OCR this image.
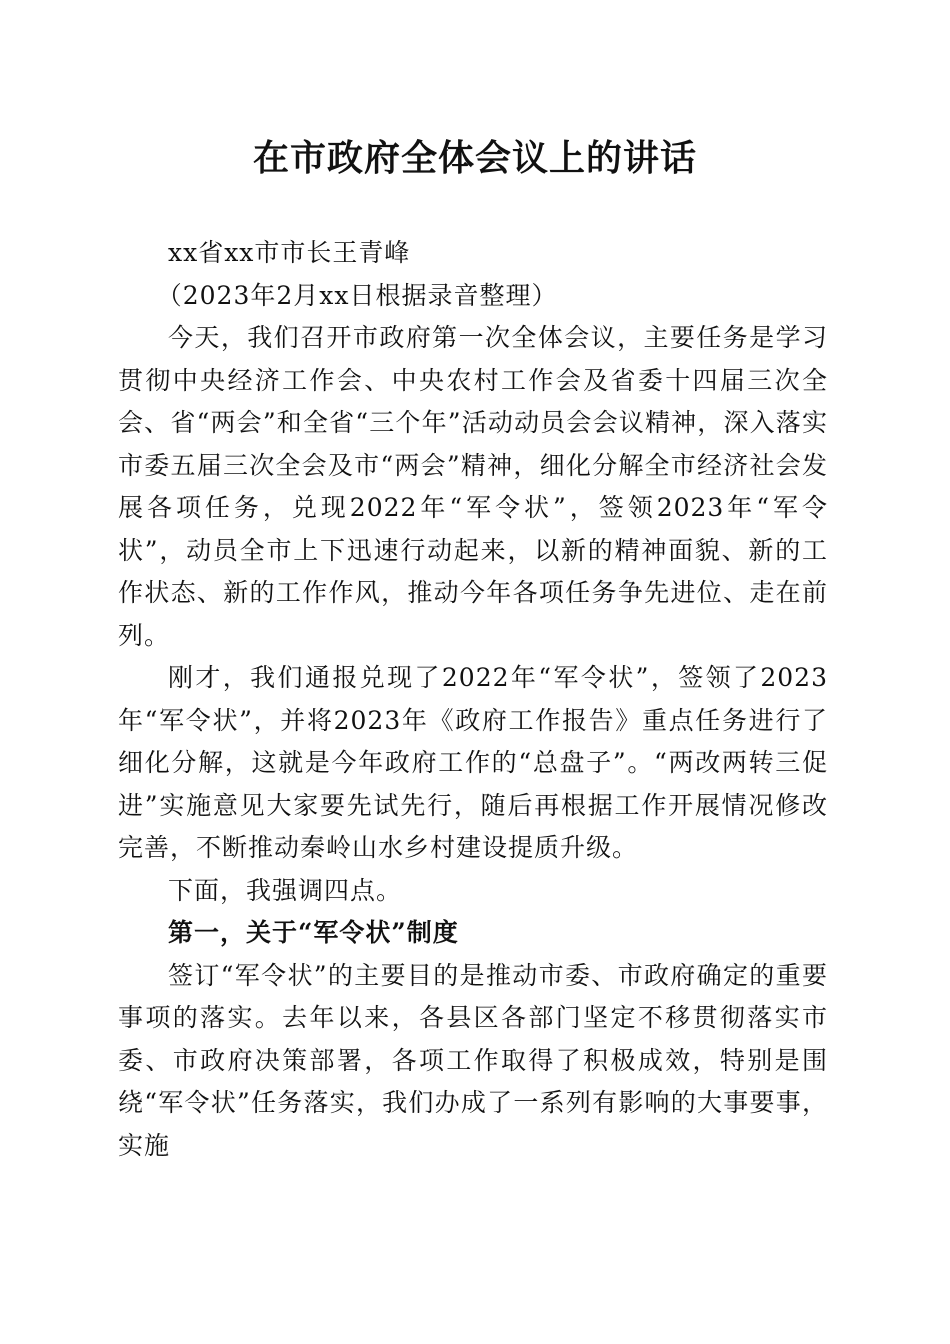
在市政府全体会议上的讲话

xx省xx市市长王青峰

（2023年2月xx日根据录音整理）

今天，我们召开市政府第一次全体会议，主要任务是学习贯彻中央经济工作会、中央农村工作会及省委十四届三次全会、省“两会”和全省“三个年”活动动员会会议精神，深入落实市委五届三次全会及市“两会”精神，细化分解全市经济社会发展各项任务，兑现2022年“军令状”，签领2023年“军令状”，动员全市上下迅速行动起来，以新的精神面貌、新的工作状态、新的工作作风，推动今年各项任务争先进位、走在前列。

刚才，我们通报兑现了2022年“军令状”，签领了2023年“军令状”，并将2023年《政府工作报告》重点任务进行了细化分解，这就是今年政府工作的“总盘子”。“两改两转三促进”实施意见大家要先试先行，随后再根据工作开展情况修改完善，不断推动秦岭山水乡村建设提质升级。

下面，我强调四点。

第一，关于“军令状”制度

签订“军令状”的主要目的是推动市委、市政府确定的重要事项的落实。去年以来，各县区各部门坚定不移贯彻落实市委、市政府决策部署，各项工作取得了积极成效，特别是围绕“军令状”任务落实，我们办成了一系列有影响的大事要事，实施
